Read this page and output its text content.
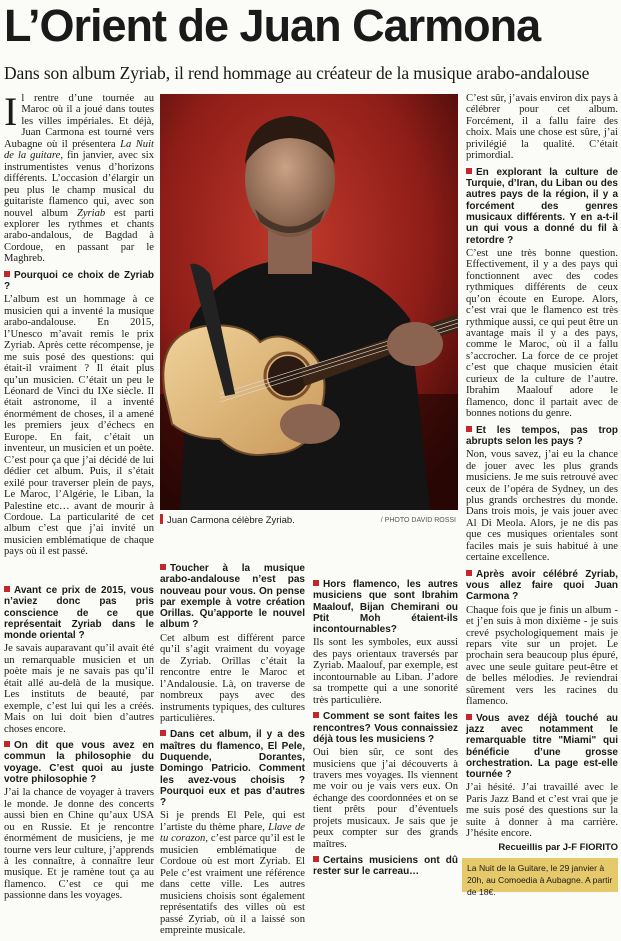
L’Orient de Juan Carmona
Dans son album Zyriab, il rend hommage au créateur de la musique arabo-andalouse

Il rentre d’une tournée au Maroc où il a joué dans toutes les villes impériales. Et déjà, Juan Carmona est tourné vers Aubagne où il présentera La Nuit de la guitare, fin janvier, avec six instrumentistes venus d’horizons différents. L’occasion d’élargir un peu plus le champ musical du guitariste flamenco qui, avec son nouvel album Zyriab est parti explorer les rythmes et chants arabo-andalous, de Bagdad à Cordoue, en passant par le Maghreb.

Pourquoi ce choix de Zyriab ?

L’album est un hommage à ce musicien qui a inventé la musique arabo-andalouse. En 2015, l’Unesco m’avait remis le prix Zyriab. Après cette récompense, je me suis posé des questions: qui était-il vraiment ? Il était plus qu’un musicien. C’était un peu le Léonard de Vinci du IXe siècle. Il était astronome, il a inventé énormément de choses, il a amené les premiers jeux d’échecs en Europe. En fait, c’était un inventeur, un musicien et un poète. C’est pour ça que j’ai décidé de lui dédier cet album. Puis, il s’était exilé pour traverser plein de pays, Le Maroc, l’Algérie, le Liban, la Palestine etc… avant de mourir à Cordoue. La particularité de cet album c’est que j’ai invité un musicien emblématique de chaque pays où il est passé.

Juan Carmona célèbre Zyriab.	/ PHOTO DAVID ROSSI

Avant ce prix de 2015, vous n’aviez donc pas pris conscience de ce que représentait Zyriab dans le monde oriental ?

Je savais auparavant qu’il avait été un remarquable musicien et un poète mais je ne savais pas qu’il était allé au-delà de la musique. Les instituts de beauté, par exemple, c’est lui qui les a créés. Mais on lui doit bien d’autres choses encore.

On dit que vous avez en commun la philosophie du voyage. C’est quoi au juste votre philosophie ?

J’ai la chance de voyager à travers le monde. Je donne des concerts aussi bien en Chine qu’aux USA ou en Russie. Et je rencontre énormément de musiciens, je me tourne vers leur culture, j’apprends à les connaître, à connaître leur musique. Et je ramène tout ça au flamenco. C’est ce qui me passionne dans les voyages.

Toucher à la musique arabo-andalouse n’est pas nouveau pour vous. On pense par exemple à votre création Orillas. Qu’apporte le nouvel album ?

Cet album est différent parce qu’il s’agit vraiment du voyage de Zyriab. Orillas c’était la rencontre entre le Maroc et l’Andalousie. Là, on traverse de nombreux pays avec des instruments typiques, des cultures particulières.

Dans cet album, il y a des maîtres du flamenco, El Pele, Duquende, Dorantes, Domingo Patricio. Comment les avez-vous choisis ? Pourquoi eux et pas d’autres ?

Si je prends El Pele, qui est l’artiste du thème phare, Llave de tu corazon, c’est parce qu’il est le musicien emblématique de Cordoue où est mort Zyriab. El Pele c’est vraiment une référence dans cette ville. Les autres musiciens choisis sont également représentatifs des villes où est passé Zyriab, où il a laissé son empreinte musicale.

Hors flamenco, les autres musiciens que sont Ibrahim Maalouf, Bijan Chemirani ou Ptit Moh étaient-ils incontournables?

Ils sont les symboles, eux aussi des pays orientaux traversés par Zyriab. Maalouf, par exemple, est incontournable au Liban. J’adore sa trompette qui a une sonorité très particulière.

Comment se sont faites les rencontres? Vous connaissiez déjà tous les musiciens ?

Oui bien sûr, ce sont des musiciens que j’ai découverts à travers mes voyages. Ils viennent me voir ou je vais vers eux. On échange des coordonnées et on se tient prêts pour d’éventuels projets musicaux. Je sais que je peux compter sur des grands maîtres.

Certains musiciens ont dû rester sur le carreau…

C’est sûr, j’avais environ dix pays à célébrer pour cet album. Forcément, il a fallu faire des choix. Mais une chose est sûre, j’ai privilégié la qualité. C’était primordial.

En explorant la culture de Turquie, d’Iran, du Liban ou des autres pays de la région, il y a forcément des genres musicaux différents. Y en a-t-il un qui vous a donné du fil à retordre ?

C’est une très bonne question. Effectivement, il y a des pays qui fonctionnent avec des codes rythmiques différents de ceux qu’on écoute en Europe. Alors, c’est vrai que le flamenco est très rythmique aussi, ce qui peut être un avantage mais il y a des pays, comme le Maroc, où il a fallu s’accrocher. La force de ce projet c’est que chaque musicien était curieux de la culture de l’autre. Ibrahim Maalouf adore le flamenco, donc il partait avec de bonnes notions du genre.

Et les tempos, pas trop abrupts selon les pays ?

Non, vous savez, j’ai eu la chance de jouer avec les plus grands musiciens. Je me suis retrouvé avec ceux de l’opéra de Sydney, un des plus grands orchestres du monde. Dans trois mois, je vais jouer avec Al Di Meola. Alors, je ne dis pas que ces musiques orientales sont faciles mais je suis habitué à une certaine excellence.

Après avoir célébré Zyriab, vous allez faire quoi Juan Carmona ?

Chaque fois que je finis un album - et j’en suis à mon dixième - je suis crevé psychologiquement mais je repars vite sur un projet. Le prochain sera beaucoup plus épuré, avec une seule guitare peut-être et de belles mélodies. Je reviendrai sûrement vers les racines du flamenco.

Vous avez déjà touché au jazz avec notamment le remarquable titre "Miami" qui bénéficie d’une grosse orchestration. La page est-elle tournée ?

J’ai hésité. J’ai travaillé avec le Paris Jazz Band et c’est vrai que je me suis posé des questions sur la suite à donner à ma carrière. J’hésite encore.

Recueillis par J-F FIORITO
La Nuit de la Guitare, le 29 janvier à 20h, au Comoedia à Aubagne. A partir de 18€.
